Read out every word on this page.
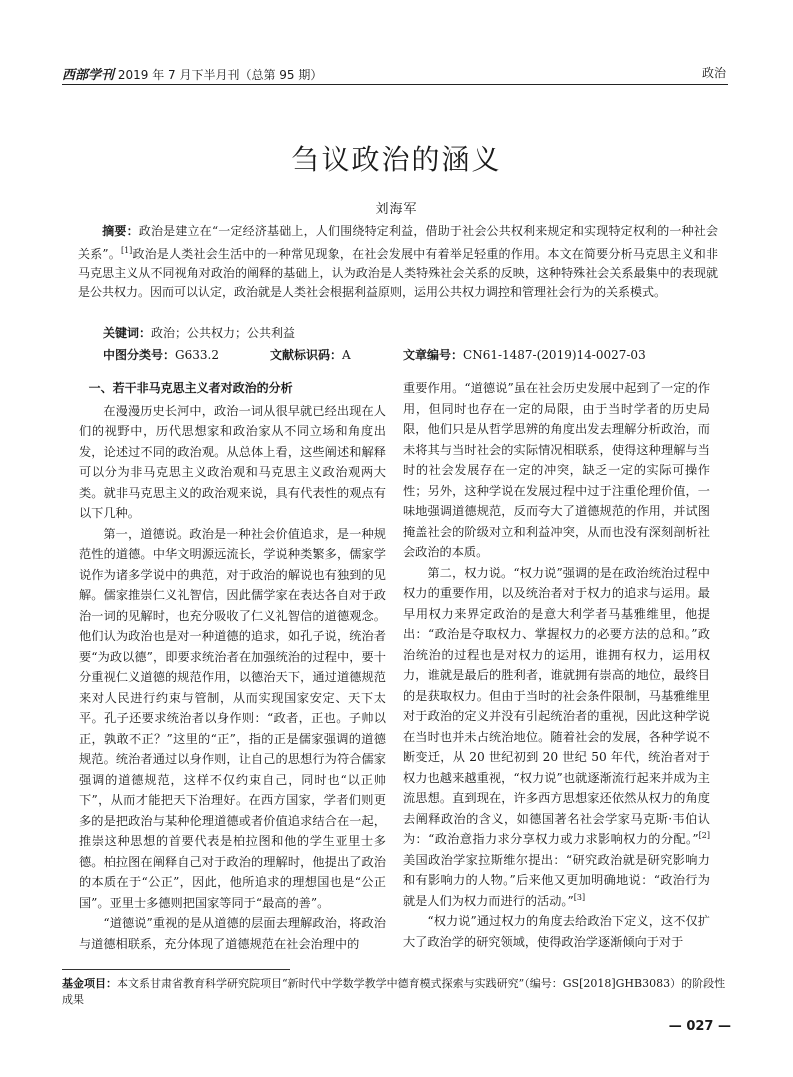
西部学刊 2019 年 7 月下半月刊（总第 95 期）	政治
刍议政治的涵义
刘海军
  摘要：政治是建立在“一定经济基础上，人们围绕特定利益，借助于社会公共权利来规定和实现特定权利的一种社会关系”。[1]政治是人类社会生活中的一种常见现象，在社会发展中有着举足轻重的作用。本文在简要分析马克思主义和非马克思主义从不同视角对政治的阐释的基础上，认为政治是人类特殊社会关系的反映，这种特殊社会关系最集中的表现就是公共权力。因而可以认定，政治就是人类社会根据利益原则，运用公共权力调控和管理社会行为的关系模式。
关键词：政治；公共权力；公共利益
中图分类号：G633.2	文献标识码：A	文章编号：CN61-1487-(2019)14-0027-03
一、若干非马克思主义者对政治的分析

在漫漫历史长河中，政治一词从很早就已经出现在人们的视野中，历代思想家和政治家从不同立场和角度出发，论述过不同的政治观。从总体上看，这些阐述和解释可以分为非马克思主义政治观和马克思主义政治观两大类。就非马克思主义的政治观来说，具有代表性的观点有以下几种。

第一，道德说。政治是一种社会价值追求，是一种规范性的道德。中华文明源远流长，学说种类繁多，儒家学说作为诸多学说中的典范，对于政治的解说也有独到的见解。儒家推崇仁义礼智信，因此儒学家在表达各自对于政治一词的见解时，也充分吸收了仁义礼智信的道德观念。他们认为政治也是对一种道德的追求，如孔子说，统治者要“为政以德”，即要求统治者在加强统治的过程中，要十分重视仁义道德的规范作用，以德治天下，通过道德规范来对人民进行约束与管制，从而实现国家安定、天下太平。孔子还要求统治者以身作则：“政者，正也。子帅以正，孰敢不正？”这里的“正”，指的正是儒家强调的道德规范。统治者通过以身作则，让自己的思想行为符合儒家强调的道德规范，这样不仅约束自己，同时也“以正帅下”，从而才能把天下治理好。在西方国家，学者们则更多的是把政治与某种伦理道德或者价值追求结合在一起，推崇这种思想的首要代表是柏拉图和他的学生亚里士多德。柏拉图在阐释自己对于政治的理解时，他提出了政治的本质在于“公正”，因此，他所追求的理想国也是“公正国”。亚里士多德则把国家等同于“最高的善”。

“道德说”重视的是从道德的层面去理解政治，将政治与道德相联系，充分体现了道德规范在社会治理中的

重要作用。“道德说”虽在社会历史发展中起到了一定的作用，但同时也存在一定的局限，由于当时学者的历史局限，他们只是从哲学思辨的角度出发去理解分析政治，而未将其与当时社会的实际情况相联系，使得这种理解与当时的社会发展存在一定的冲突，缺乏一定的实际可操作性；另外，这种学说在发展过程中过于注重伦理价值，一味地强调道德规范，反而夸大了道德规范的作用，并试图掩盖社会的阶级对立和利益冲突，从而也没有深刻剖析社会政治的本质。

第二，权力说。“权力说”强调的是在政治统治过程中权力的重要作用，以及统治者对于权力的追求与运用。最早用权力来界定政治的是意大利学者马基雅维里，他提出：“政治是夺取权力、掌握权力的必要方法的总和。”政治统治的过程也是对权力的运用，谁拥有权力，运用权力，谁就是最后的胜利者，谁就拥有崇高的地位，最终目的是获取权力。但由于当时的社会条件限制，马基雅维里对于政治的定义并没有引起统治者的重视，因此这种学说在当时也并未占统治地位。随着社会的发展，各种学说不断变迁，从 20 世纪初到 20 世纪 50 年代，统治者对于权力也越来越重视，“权力说”也就逐渐流行起来并成为主流思想。直到现在，许多西方思想家还依然从权力的角度去阐释政治的含义，如德国著名社会学家马克斯·韦伯认为：“政治意指力求分享权力或力求影响权力的分配。”[2]美国政治学家拉斯维尔提出：“研究政治就是研究影响力和有影响力的人物。”后来他又更加明确地说：“政治行为就是人们为权力而进行的活动。”[3]

“权力说”通过权力的角度去给政治下定义，这不仅扩大了政治学的研究领域，使得政治学逐渐倾向于对于

基金项目：本文系甘肃省教育科学研究院项目“新时代中学数学教学中德育模式探索与实践研究”（编号：GS[2018]GHB3083）的阶段性成果
— 027 —
